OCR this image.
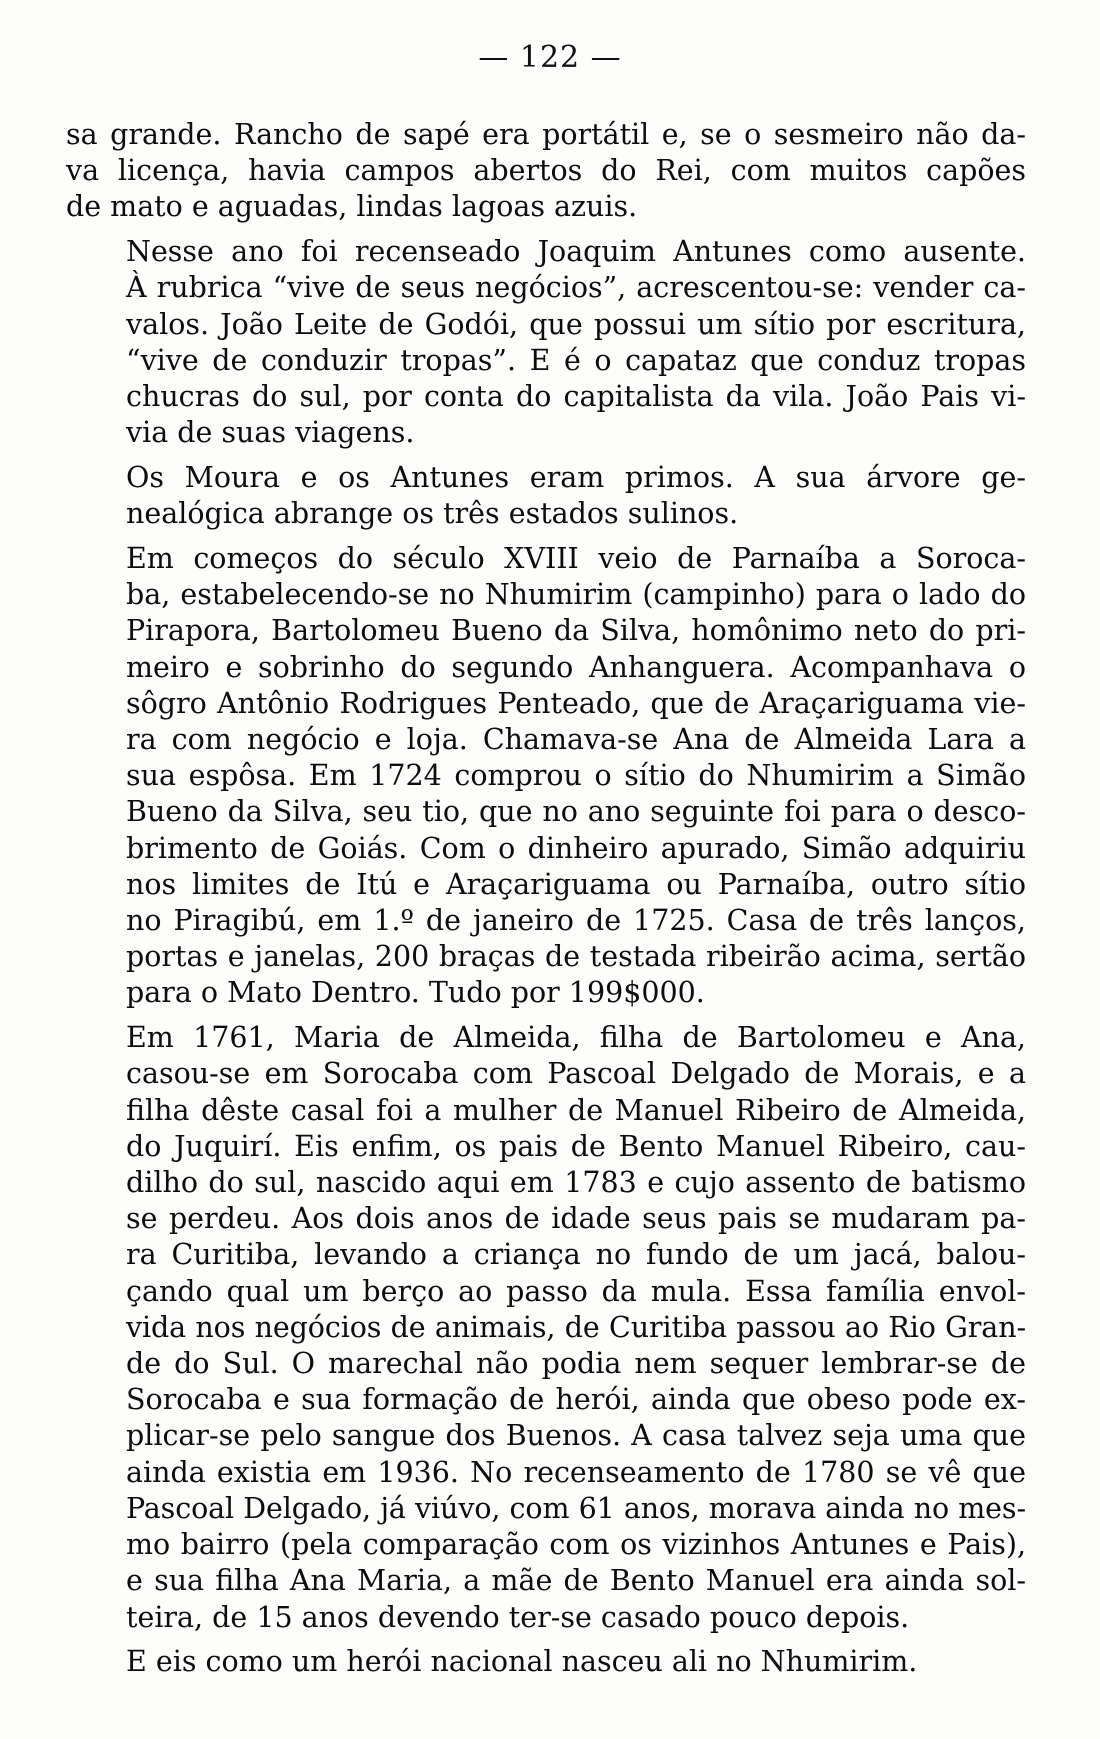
— 122 —

sa grande. Rancho de sapé era portátil e, se o sesmeiro não da-
va licença, havia campos abertos do Rei, com muitos capões
de mato e aguadas, lindas lagoas azuis.

Nesse ano foi recenseado Joaquim Antunes como ausente.
À rubrica “vive de seus negócios”, acrescentou-se: vender ca-
valos. João Leite de Godói, que possui um sítio por escritura,
“vive de conduzir tropas”. E é o capataz que conduz tropas
chucras do sul, por conta do capitalista da vila. João Pais vi-
via de suas viagens.

Os Moura e os Antunes eram primos. A sua árvore ge-
nealógica abrange os três estados sulinos.

Em começos do século XVIII veio de Parnaíba a Soroca-
ba, estabelecendo-se no Nhumirim (campinho) para o lado do
Pirapora, Bartolomeu Bueno da Silva, homônimo neto do pri-
meiro e sobrinho do segundo Anhanguera. Acompanhava o
sôgro Antônio Rodrigues Penteado, que de Araçariguama vie-
ra com negócio e loja. Chamava-se Ana de Almeida Lara a
sua espôsa. Em 1724 comprou o sítio do Nhumirim a Simão
Bueno da Silva, seu tio, que no ano seguinte foi para o desco-
brimento de Goiás. Com o dinheiro apurado, Simão adquiriu
nos limites de Itú e Araçariguama ou Parnaíba, outro sítio
no Piragibú, em 1.º de janeiro de 1725. Casa de três lanços,
portas e janelas, 200 braças de testada ribeirão acima, sertão
para o Mato Dentro. Tudo por 199$000.

Em 1761, Maria de Almeida, filha de Bartolomeu e Ana,
casou-se em Sorocaba com Pascoal Delgado de Morais, e a
filha dêste casal foi a mulher de Manuel Ribeiro de Almeida,
do Juquirí. Eis enfim, os pais de Bento Manuel Ribeiro, cau-
dilho do sul, nascido aqui em 1783 e cujo assento de batismo
se perdeu. Aos dois anos de idade seus pais se mudaram pa-
ra Curitiba, levando a criança no fundo de um jacá, balou-
çando qual um berço ao passo da mula. Essa família envol-
vida nos negócios de animais, de Curitiba passou ao Rio Gran-
de do Sul. O marechal não podia nem sequer lembrar-se de
Sorocaba e sua formação de herói, ainda que obeso pode ex-
plicar-se pelo sangue dos Buenos. A casa talvez seja uma que
ainda existia em 1936. No recenseamento de 1780 se vê que
Pascoal Delgado, já viúvo, com 61 anos, morava ainda no mes-
mo bairro (pela comparação com os vizinhos Antunes e Pais),
e sua filha Ana Maria, a mãe de Bento Manuel era ainda sol-
teira, de 15 anos devendo ter-se casado pouco depois.

E eis como um herói nacional nasceu ali no Nhumirim.
